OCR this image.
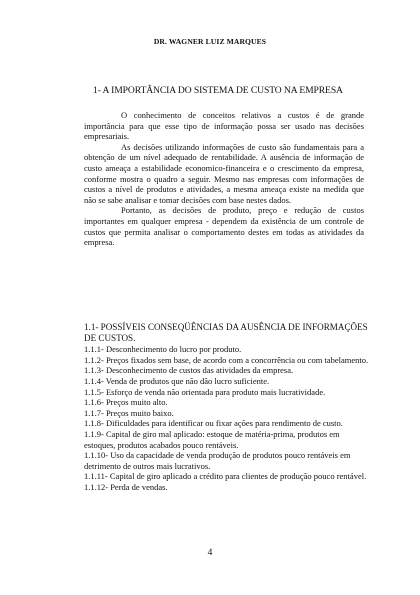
DR. WAGNER LUIZ MARQUES
1- A IMPORTÂNCIA DO SISTEMA DE CUSTO NA EMPRESA

O conhecimento de conceitos relativos a custos é de grande importância para que esse tipo de informação possa ser usado nas decisões empresariais.

As decisões utilizando informações de custo são fundamentais para a obtenção de um nível adequado de rentabilidade. A ausência de informação de custo ameaça a estabilidade economico-financeira e o crescimento da empresa, conforme mostra o quadro a seguir. Mesmo nas empresas com informações de custos a nível de produtos e atividades, a mesma ameaça existe na medida que não se sabe analisar e tomar decisões com base nestes dados.

Portanto, as decisões de produto, preço e redução de custos importantes em qualquer empresa - dependem da existência de um controle de custos que permita analisar o comportamento destes em todas as atividades da empresa.

1.1- POSSÍVEIS CONSEQÜÊNCIAS DA AUSÊNCIA DE INFORMAÇÕES DE CUSTOS.
1.1.1- Desconhecimento do lucro por produto.
1.1.2- Preços fixados sem base, de acordo com a concorrência ou com tabelamento.
1.1.3- Desconhecimento de custos das atividades da empresa.
1.1.4- Venda de produtos que não dão lucro suficiente.
1.1.5- Esforço de venda não orientada para produto mais lucratividade.
1.1.6- Preços muito alto.
1.1.7- Preços muito baixo.
1.1.8- Dificuldades para identificar ou fixar ações para rendimento de custo.
1.1.9- Capital de giro mal aplicado: estoque de matéria-prima, produtos em estoques, produtos acabados pouco rentáveis.
1.1.10- Uso da capacidade de venda produção de produtos pouco rentáveis em detrimento de outros mais lucrativos.
1.1.11- Capital de giro aplicado a crédito para clientes de produção pouco rentável.
1.1.12- Perda de vendas.
4
